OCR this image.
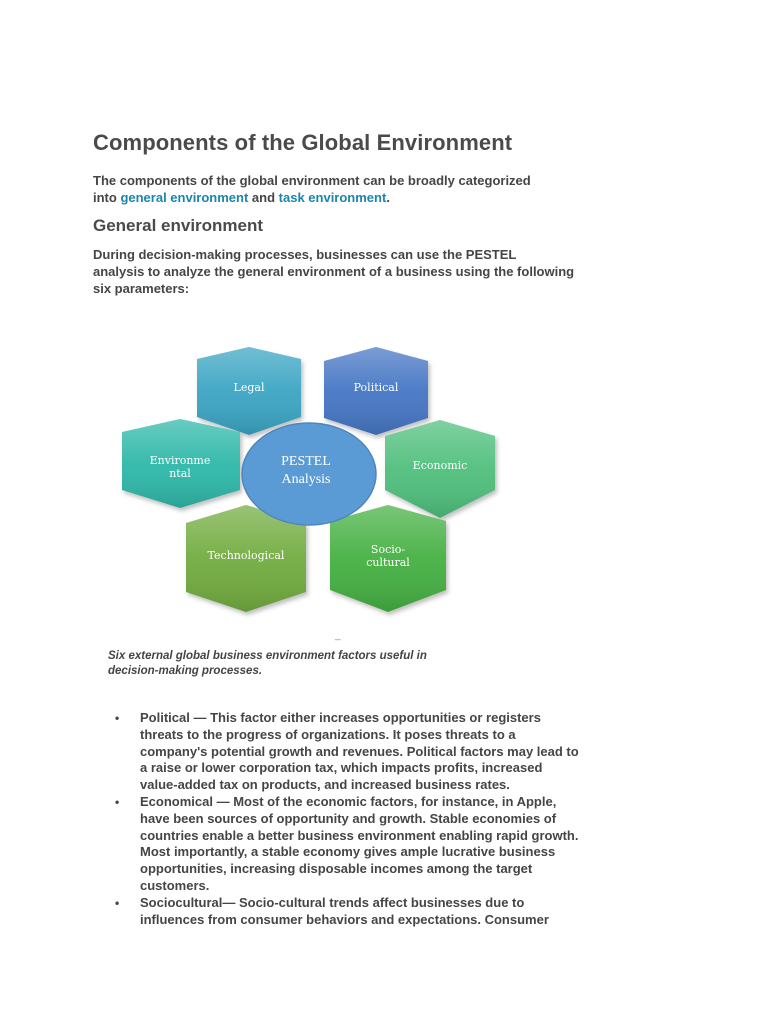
Components of the Global Environment

The components of the global environment can be broadly categorized
into general environment and task environment.

General environment

During decision-making processes, businesses can use the PESTEL
analysis to analyze the general environment of a business using the following
six parameters:

Legal	Political
Environme
ntal
Economic
Technological	Socio-
cultural
PESTEL
Analysis
_

Six external global business environment factors useful in
decision-making processes.

• Political — This factor either increases opportunities or registers
threats to the progress of organizations. It poses threats to a
company's potential growth and revenues. Political factors may lead to
a raise or lower corporation tax, which impacts profits, increased
value-added tax on products, and increased business rates.
• Economical — Most of the economic factors, for instance, in Apple,
have been sources of opportunity and growth. Stable economies of
countries enable a better business environment enabling rapid growth.
Most importantly, a stable economy gives ample lucrative business
opportunities, increasing disposable incomes among the target
customers.
• Sociocultural— Socio-cultural trends affect businesses due to
influences from consumer behaviors and expectations. Consumer
